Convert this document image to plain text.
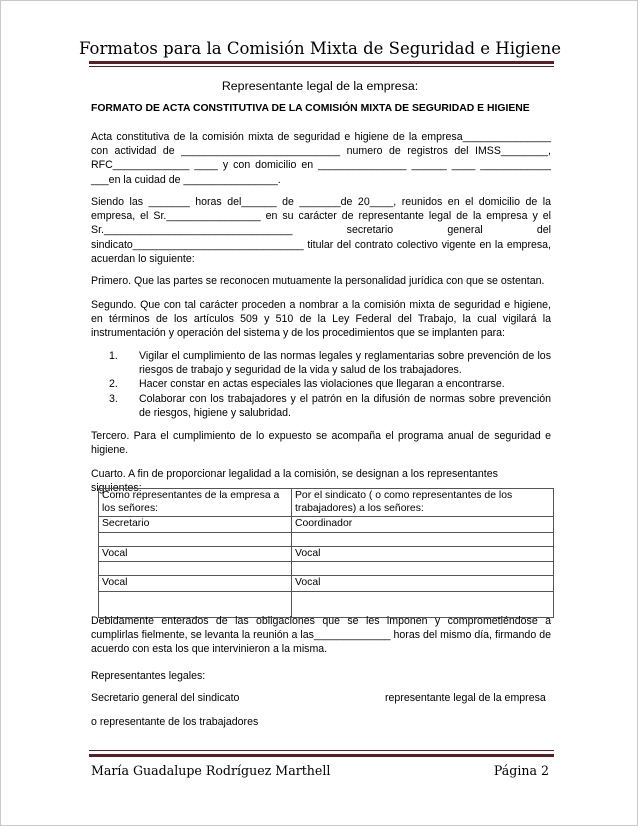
Formatos para la Comisión Mixta de Seguridad e Higiene
Representante legal de la empresa:
FORMATO DE ACTA CONSTITUTIVA DE LA COMISIÓN MIXTA DE SEGURIDAD E HIGIENE
Acta constitutiva de la comisión mixta de seguridad e higiene de la empresa_______________ con actividad de ___________________________ numero de registros del IMSS________, RFC_____________ ____ y con domicilio en _______________ ______ ____ ____________ ___en la cuidad de ________________.
Siendo las _______ horas del______ de _______de 20____, reunidos en el domicilio de la empresa, el Sr.________________ en su carácter de representante legal de la empresa y el Sr.________________________________ secretario general del sindicato_____________________________ titular del contrato colectivo vigente en la empresa, acuerdan lo siguiente:
Primero. Que las partes se reconocen mutuamente la personalidad jurídica con que se ostentan.
Segundo. Que con tal carácter proceden a nombrar a la comisión mixta de seguridad e higiene, en términos de los artículos 509 y 510 de la Ley Federal del Trabajo, la cual vigilará la instrumentación y operación del sistema y de los procedimientos que se implanten para:
1. Vigilar el cumplimiento de las normas legales y reglamentarias sobre prevención de los riesgos de trabajo y seguridad de la vida y salud de los trabajadores.
2. Hacer constar en actas especiales las violaciones que llegaran a encontrarse.
3. Colaborar con los trabajadores y el patrón en la difusión de normas sobre prevención de riesgos, higiene y salubridad.
Tercero. Para el cumplimiento de lo expuesto se acompaña el programa anual de seguridad e higiene.
Cuarto. A fin de proporcionar legalidad a la comisión, se designan a los representantes siguientes:
Como representantes de la empresa a los señores:	Por el sindicato ( o como representantes de los trabajadores) a los señores:
Secretario	Coordinador

Vocal	Vocal

Vocal	Vocal

Debidamente enterados de las obligaciones que se les imponen y comprometiéndose a cumplirlas fielmente, se levanta la reunión a las_____________ horas del mismo día, firmando de acuerdo con esta los que intervinieron a la misma.
Representantes legales:
Secretario general del sindicato	representante legal de la empresa
o representante de los trabajadores
María Guadalupe Rodríguez Marthell	Página 2
